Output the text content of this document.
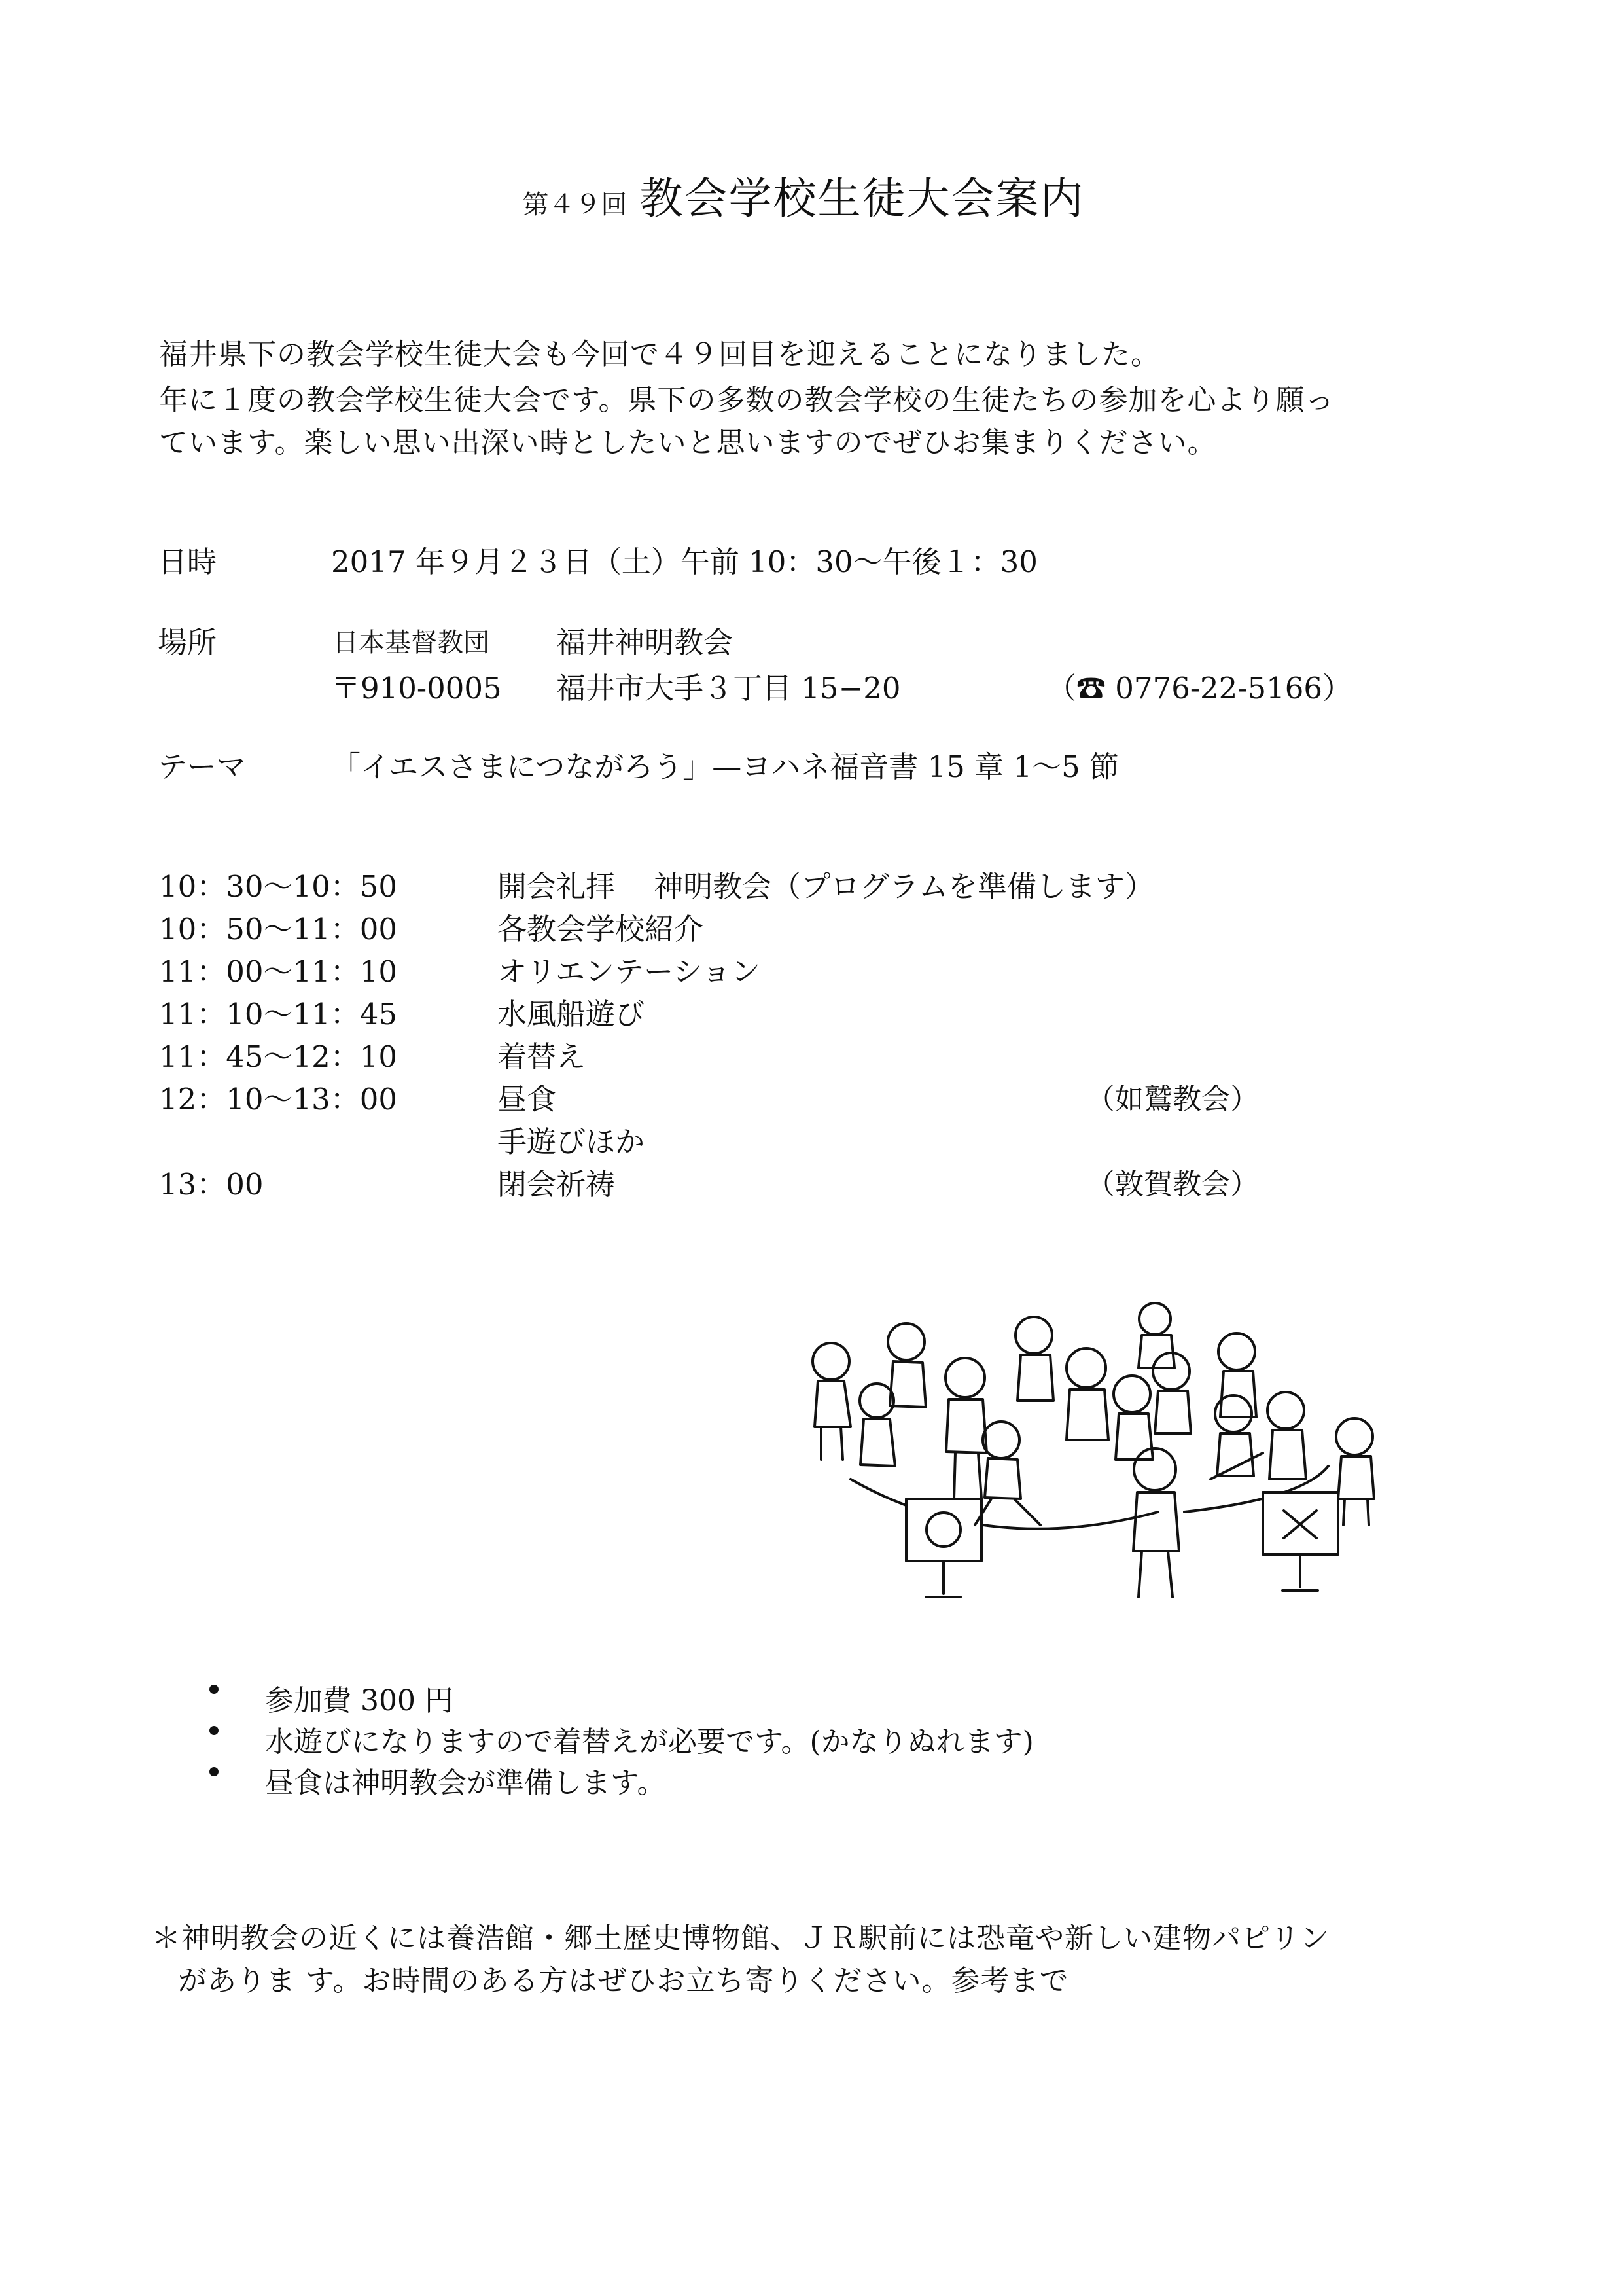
第４９回 教会学校生徒大会案内
福井県下の教会学校生徒大会も今回で４９回目を迎えることになりました。
年に１度の教会学校生徒大会です。県下の多数の教会学校の生徒たちの参加を心より願っ
ています。楽しい思い出深い時としたいと思いますのでぜひお集まりください。
日時	2017 年９月２３日（土）午前 10：30〜午後１：30
場所	日本基督教団 福井神明教会
〒910-0005 福井市大手３丁目 15−20	（☎ 0776-22-5166）
テーマ	「イエスさまにつながろう」—ヨハネ福音書 15 章 1〜5 節
10：30〜10：50	開会礼拝　 神明教会（プログラムを準備します）
10：50〜11：00	各教会学校紹介
11：00〜11：10	オリエンテーション
11：10〜11：45	水風船遊び
11：45〜12：10	着替え
12：10〜13：00	昼食	（如鷲教会）
手遊びほか
13：00	閉会祈祷	（敦賀教会）
参加費 300 円
水遊びになりますので着替えが必要です。(かなりぬれます)
昼食は神明教会が準備します。
＊神明教会の近くには養浩館・郷土歴史博物館、ＪＲ駅前には恐竜や新しい建物パピリン
がありま す。お時間のある方はぜひお立ち寄りください。参考まで
